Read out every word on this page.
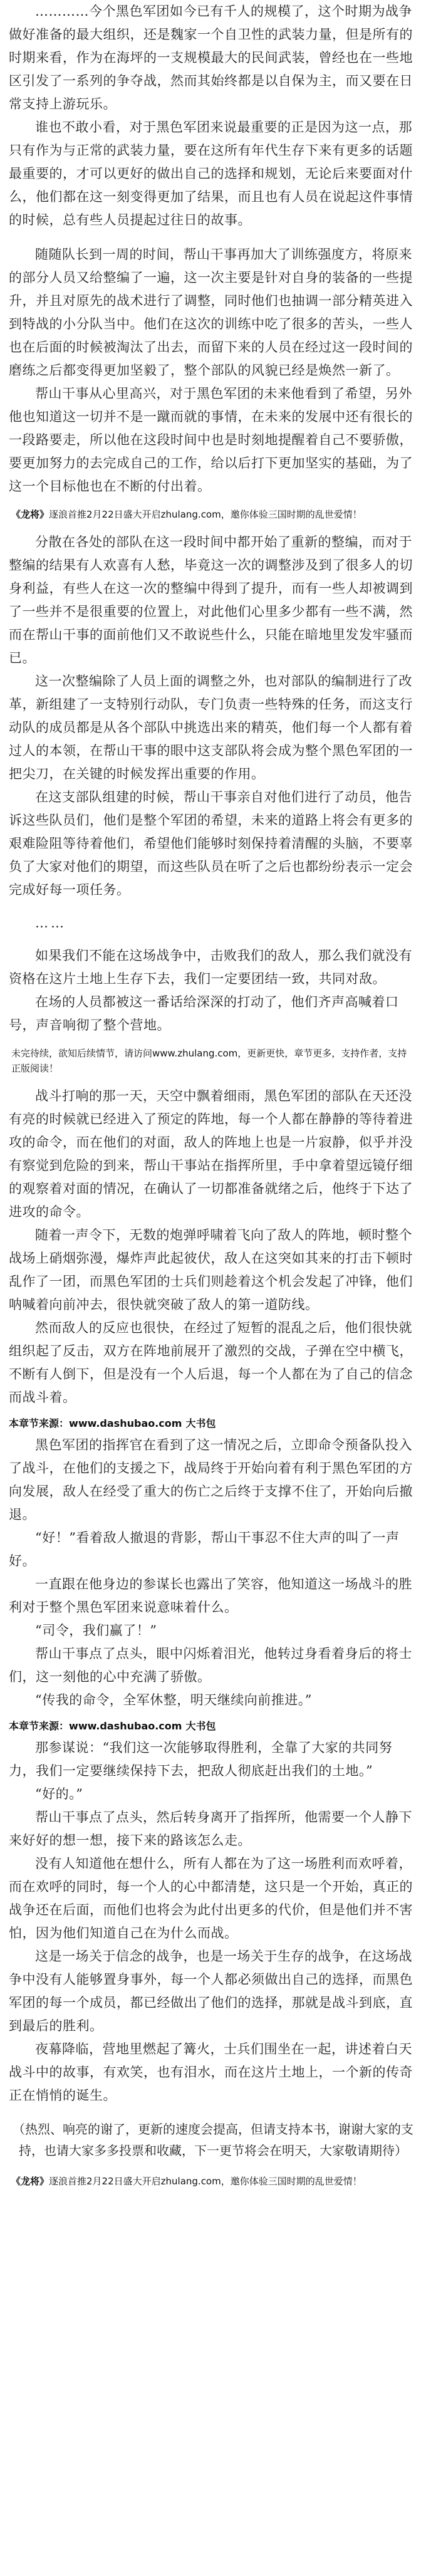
…………今个黑色军团如今已有千人的规模了，这个时期为战争做好准备的最大组织，还是魏家一个自卫性的武装力量，但是所有的时期来看，作为在海坪的一支规模最大的民间武装，曾经也在一些地区引发了一系列的争夺战，然而其始终都是以自保为主，而又要在日常支持上游玩乐。

谁也不敢小看，对于黑色军团来说最重要的正是因为这一点，那只有作为与正常的武装力量，要在这所有年代生存下来有更多的话题最重要的，才可以更好的做出自己的选择和规划，无论后来要面对什么，他们都在这一刻变得更加了结果，而且也有人员在说起这件事情的时候，总有些人员提起过往日的故事。

随随队长到一周的时间，帮山干事再加大了训练强度方，将原来的部分人员又给整编了一遍，这一次主要是针对自身的装备的一些提升，并且对原先的战术进行了调整，同时他们也抽调一部分精英进入到特战的小分队当中。他们在这次的训练中吃了很多的苦头，一些人也在后面的时候被淘汰了出去，而留下来的人员在经过这一段时间的磨练之后都变得更加坚毅了，整个部队的风貌已经是焕然一新了。

帮山干事从心里高兴，对于黑色军团的未来他看到了希望，另外他也知道这一切并不是一蹴而就的事情，在未来的发展中还有很长的一段路要走，所以他在这段时间中也是时刻地提醒着自己不要骄傲，要更加努力的去完成自己的工作，给以后打下更加坚实的基础，为了这一个目标他也在不断的付出着。

《龙将》逐浪首推2月22日盛大开启zhulang.com，邀你体验三国时期的乱世爱情！

分散在各处的部队在这一段时间中都开始了重新的整编，而对于整编的结果有人欢喜有人愁，毕竟这一次的调整涉及到了很多人的切身利益，有些人在这一次的整编中得到了提升，而有一些人却被调到了一些并不是很重要的位置上，对此他们心里多少都有一些不满，然而在帮山干事的面前他们又不敢说些什么，只能在暗地里发发牢骚而已。

这一次整编除了人员上面的调整之外，也对部队的编制进行了改革，新组建了一支特别行动队，专门负责一些特殊的任务，而这支行动队的成员都是从各个部队中挑选出来的精英，他们每一个人都有着过人的本领，在帮山干事的眼中这支部队将会成为整个黑色军团的一把尖刀，在关键的时候发挥出重要的作用。

在这支部队组建的时候，帮山干事亲自对他们进行了动员，他告诉这些队员们，他们是整个军团的希望，未来的道路上将会有更多的艰难险阻等待着他们，希望他们能够时刻保持着清醒的头脑，不要辜负了大家对他们的期望，而这些队员在听了之后也都纷纷表示一定会完成好每一项任务。

……

如果我们不能在这场战争中，击败我们的敌人，那么我们就没有资格在这片土地上生存下去，我们一定要团结一致，共同对敌。

在场的人员都被这一番话给深深的打动了，他们齐声高喊着口号，声音响彻了整个营地。

未完待续，欲知后续情节，请访问www.zhulang.com，更新更快，章节更多，支持作者，支持正版阅读！

战斗打响的那一天，天空中飘着细雨，黑色军团的部队在天还没有亮的时候就已经进入了预定的阵地，每一个人都在静静的等待着进攻的命令，而在他们的对面，敌人的阵地上也是一片寂静，似乎并没有察觉到危险的到来，帮山干事站在指挥所里，手中拿着望远镜仔细的观察着对面的情况，在确认了一切都准备就绪之后，他终于下达了进攻的命令。

随着一声令下，无数的炮弹呼啸着飞向了敌人的阵地，顿时整个战场上硝烟弥漫，爆炸声此起彼伏，敌人在这突如其来的打击下顿时乱作了一团，而黑色军团的士兵们则趁着这个机会发起了冲锋，他们呐喊着向前冲去，很快就突破了敌人的第一道防线。

然而敌人的反应也很快，在经过了短暂的混乱之后，他们很快就组织起了反击，双方在阵地前展开了激烈的交战，子弹在空中横飞，不断有人倒下，但是没有一个人后退，每一个人都在为了自己的信念而战斗着。

本章节来源：www.dashubao.com 大书包

黑色军团的指挥官在看到了这一情况之后，立即命令预备队投入了战斗，在他们的支援之下，战局终于开始向着有利于黑色军团的方向发展，敌人在经受了重大的伤亡之后终于支撑不住了，开始向后撤退。

“好！”看着敌人撤退的背影，帮山干事忍不住大声的叫了一声好。

一直跟在他身边的参谋长也露出了笑容，他知道这一场战斗的胜利对于整个黑色军团来说意味着什么。

“司令，我们赢了！”

帮山干事点了点头，眼中闪烁着泪光，他转过身看着身后的将士们，这一刻他的心中充满了骄傲。

“传我的命令，全军休整，明天继续向前推进。”

本章节来源：www.dashubao.com 大书包

那参谋说：“我们这一次能够取得胜利，全靠了大家的共同努力，我们一定要继续保持下去，把敌人彻底赶出我们的土地。”

“好的。”

帮山干事点了点头，然后转身离开了指挥所，他需要一个人静下来好好的想一想，接下来的路该怎么走。

没有人知道他在想什么，所有人都在为了这一场胜利而欢呼着，而在欢呼的同时，每一个人的心中都清楚，这只是一个开始，真正的战争还在后面，而他们也将会为此付出更多的代价，但是他们并不害怕，因为他们知道自己在为什么而战。

这是一场关于信念的战争，也是一场关于生存的战争，在这场战争中没有人能够置身事外，每一个人都必须做出自己的选择，而黑色军团的每一个成员，都已经做出了他们的选择，那就是战斗到底，直到最后的胜利。

夜幕降临，营地里燃起了篝火，士兵们围坐在一起，讲述着白天战斗中的故事，有欢笑，也有泪水，而在这片土地上，一个新的传奇正在悄悄的诞生。

（热烈、响亮的谢了，更新的速度会提高，但请支持本书，谢谢大家的支持，也请大家多多投票和收藏，下一更节将会在明天，大家敬请期待）
《龙将》逐浪首推2月22日盛大开启zhulang.com，邀你体验三国时期的乱世爱情！
